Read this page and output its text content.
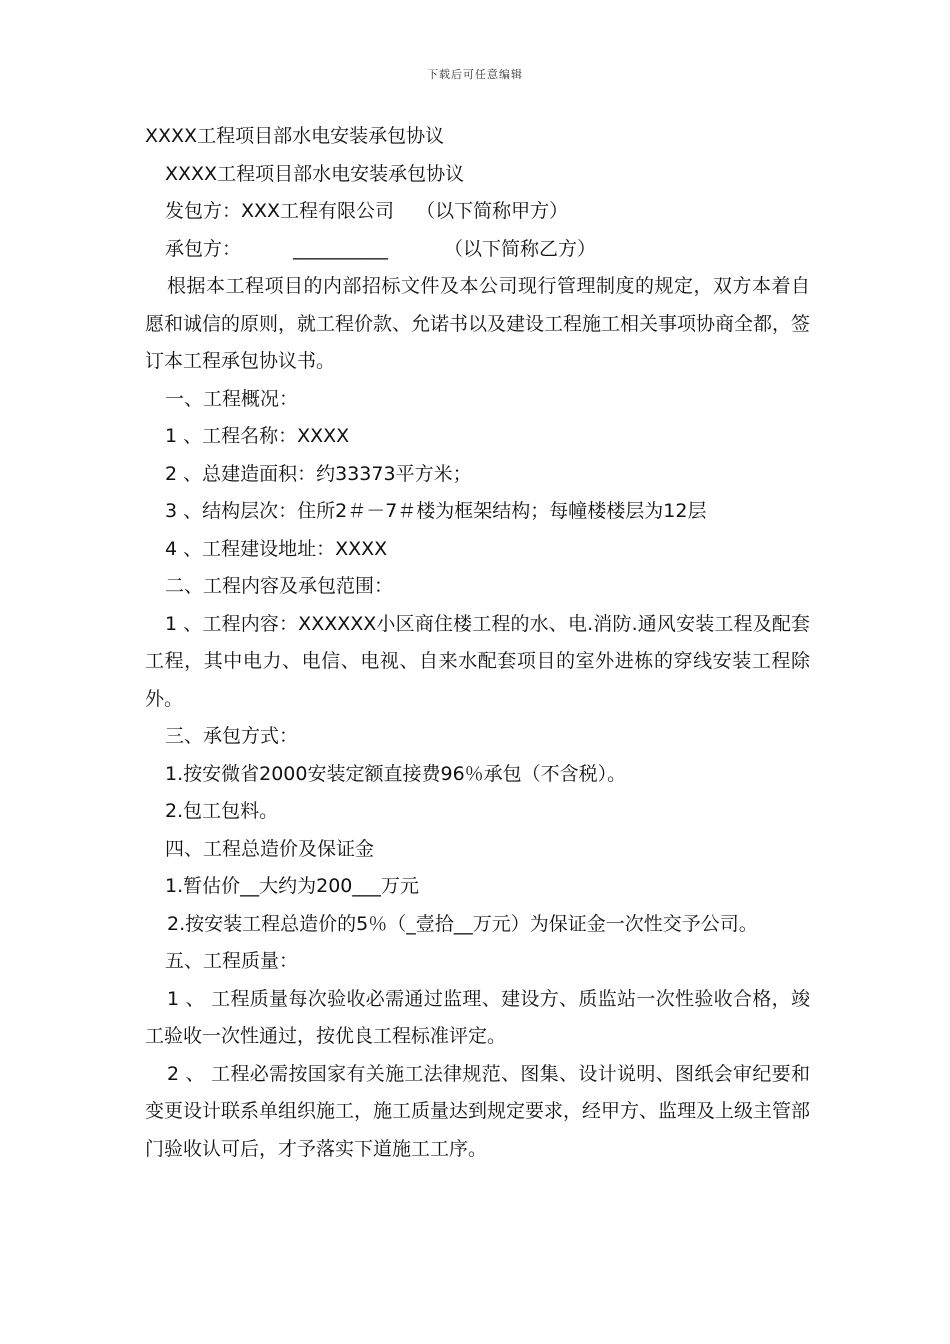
下载后可任意编辑

XXXX工程项目部水电安装承包协议

XXXX工程项目部水电安装承包协议

发包方：XXX工程有限公司 （以下简称甲方）

承包方：	__________	（以下简称乙方）

根据本工程项目的内部招标文件及本公司现行管理制度的规定，双方本着自愿和诚信的原则，就工程价款、允诺书以及建设工程施工相关事项协商全都，签订本工程承包协议书。

一、工程概况：

1 、工程名称：XXXX

2 、总建造面积：约33373平方米；

3 、结构层次：住所2＃－7＃楼为框架结构；每幢楼楼层为12层

4 、工程建设地址：XXXX

二、工程内容及承包范围：

1 、工程内容：XXXXXX小区商住楼工程的水、电.消防.通风安装工程及配套工程，其中电力、电信、电视、自来水配套项目的室外进栋的穿线安装工程除外。

三、承包方式：

1.按安微省2000安装定额直接费96％承包（不含税）。

2.包工包料。

四、工程总造价及保证金

1.暂估价__大约为200___万元

2.按安装工程总造价的5％（_壹拾__万元）为保证金一次性交予公司。

五、工程质量：

1 、 工程质量每次验收必需通过监理、建设方、质监站一次性验收合格，竣工验收一次性通过，按优良工程标准评定。

2 、 工程必需按国家有关施工法律规范、图集、设计说明、图纸会审纪要和变更设计联系单组织施工，施工质量达到规定要求，经甲方、监理及上级主管部门验收认可后，才予落实下道施工工序。
